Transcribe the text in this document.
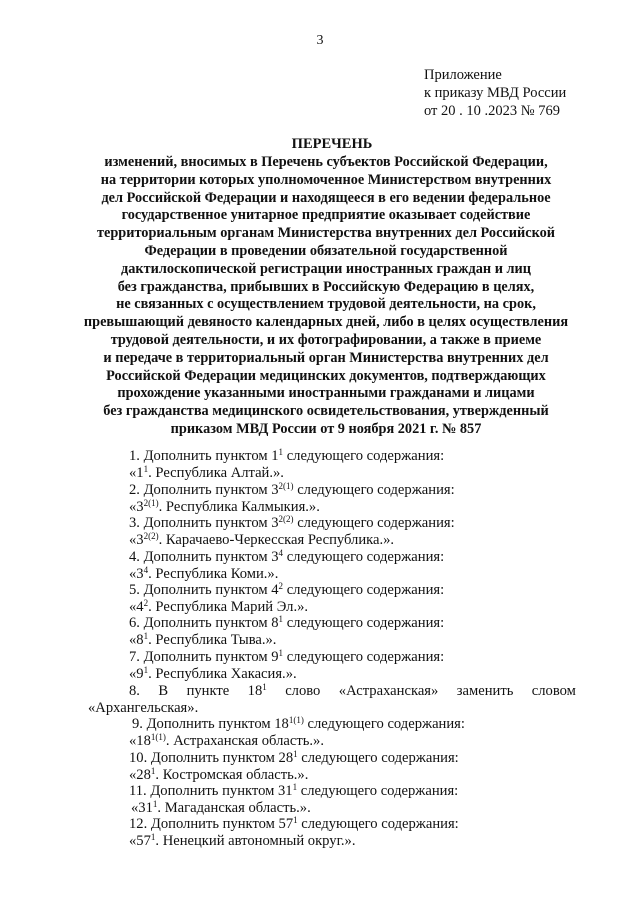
3
Приложение
к приказу МВД России
от 20 . 10 .2023 № 769
ПЕРЕЧЕНЬ
изменений, вносимых в Перечень субъектов Российской Федерации,
на территории которых уполномоченное Министерством внутренних
дел Российской Федерации и находящееся в его ведении федеральное
государственное унитарное предприятие оказывает содействие
территориальным органам Министерства внутренних дел Российской
Федерации в проведении обязательной государственной
дактилоскопической регистрации иностранных граждан и лиц
без гражданства, прибывших в Российскую Федерацию в целях,
не связанных с осуществлением трудовой деятельности, на срок,
превышающий девяносто календарных дней, либо в целях осуществления
трудовой деятельности, и их фотографировании, а также в приеме
и передаче в территориальный орган Министерства внутренних дел
Российской Федерации медицинских документов, подтверждающих
прохождение указанными иностранными гражданами и лицами
без гражданства медицинского освидетельствования, утвержденный
приказом МВД России от 9 ноября 2021 г. № 857
1. Дополнить пунктом $1^1$ следующего содержания:
«$1^1$. Республика Алтай.».
2. Дополнить пунктом $3^{2(1)}$ следующего содержания:
«$3^{2(1)}$. Республика Калмыкия.».
3. Дополнить пунктом $3^{2(2)}$ следующего содержания:
«$3^{2(2)}$. Карачаево-Черкесская Республика.».
4. Дополнить пунктом $3^4$ следующего содержания:
«$3^4$. Республика Коми.».
5. Дополнить пунктом $4^2$ следующего содержания:
«$4^2$. Республика Марий Эл.».
6. Дополнить пунктом $8^1$ следующего содержания:
«$8^1$. Республика Тыва.».
7. Дополнить пунктом $9^1$ следующего содержания:
«$9^1$. Республика Хакасия.».
8. В пункте $18^1$ слово «Астраханская» заменить словом
«Архангельская».
9. Дополнить пунктом $18^{1(1)}$ следующего содержания:
«$18^{1(1)}$. Астраханская область.».
10. Дополнить пунктом $28^1$ следующего содержания:
«$28^1$. Костромская область.».
11. Дополнить пунктом $31^1$ следующего содержания:
«$31^1$. Магаданская область.».
12. Дополнить пунктом $57^1$ следующего содержания:
«$57^1$. Ненецкий автономный округ.».
